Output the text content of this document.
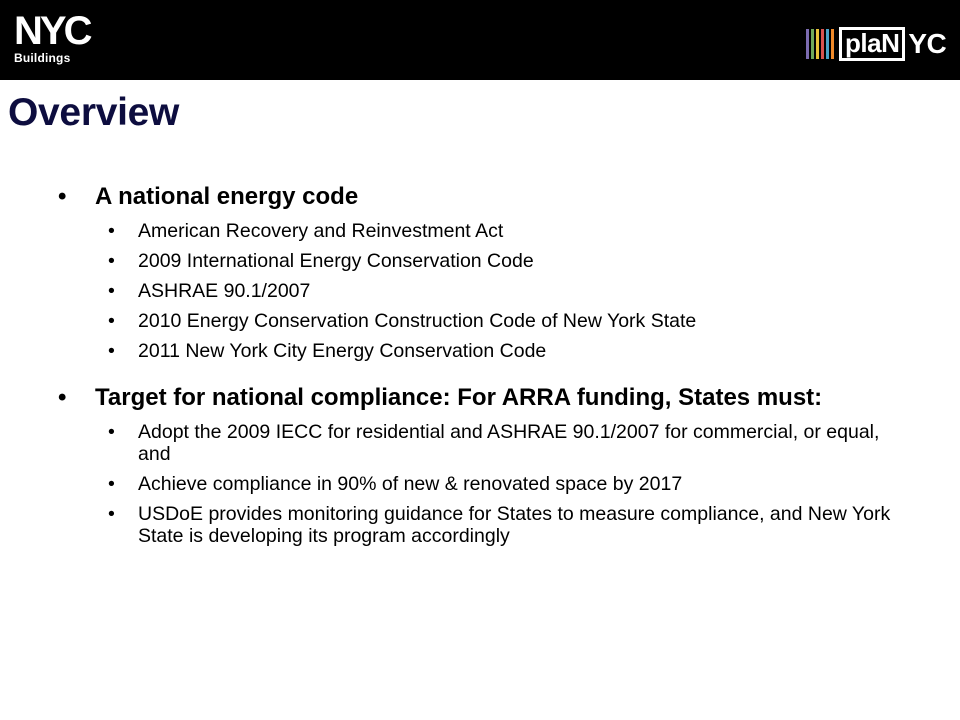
NYC
Buildings	plaN YC
Overview
•	A national energy code
•	American Recovery and Reinvestment Act
•	2009 International Energy Conservation Code
•	ASHRAE 90.1/2007
•	2010 Energy Conservation Construction Code of New York State
•	2011 New York City Energy Conservation Code
•	Target for national compliance: For ARRA funding, States must:
•	Adopt the 2009 IECC for residential and ASHRAE 90.1/2007 for commercial, or equal, and
•	Achieve compliance in 90% of new & renovated space by 2017
•	USDoE provides monitoring guidance for States to measure compliance, and New York State is developing its program accordingly
